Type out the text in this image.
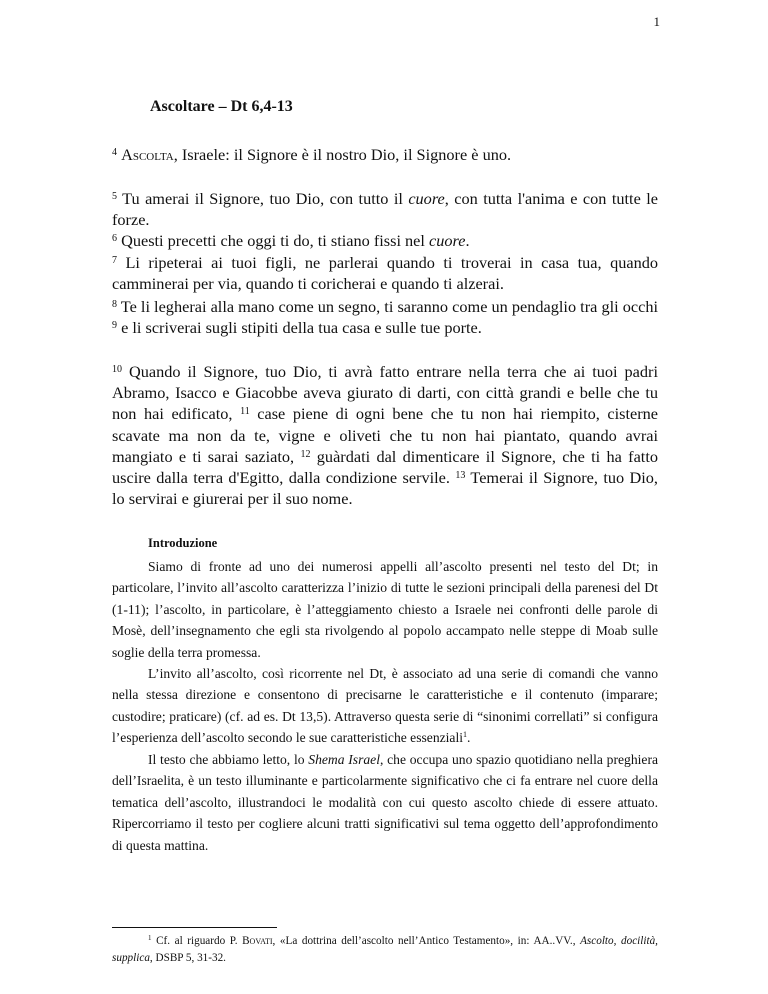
1
Ascoltare – Dt 6,4-13

$^4$ Ascolta, Israele: il Signore è il nostro Dio, il Signore è uno.

$^5$ Tu amerai il Signore, tuo Dio, con tutto il cuore, con tutta l'anima e con tutte le forze.
$^6$ Questi precetti che oggi ti do, ti stiano fissi nel cuore.
$^7$ Li ripeterai ai tuoi figli, ne parlerai quando ti troverai in casa tua, quando camminerai per via, quando ti coricherai e quando ti alzerai.

$^8$ Te li legherai alla mano come un segno, ti saranno come un pendaglio tra gli occhi $^9$ e li scriverai sugli stipiti della tua casa e sulle tue porte.

$^{10}$ Quando il Signore, tuo Dio, ti avrà fatto entrare nella terra che ai tuoi padri Abramo, Isacco e Giacobbe aveva giurato di darti, con città grandi e belle che tu non hai edificato, $^{11}$ case piene di ogni bene che tu non hai riempito, cisterne scavate ma non da te, vigne e oliveti che tu non hai piantato, quando avrai mangiato e ti sarai saziato, $^{12}$ guàrdati dal dimenticare il Signore, che ti ha fatto uscire dalla terra d'Egitto, dalla condizione servile. $^{13}$ Temerai il Signore, tuo Dio, lo servirai e giurerai per il suo nome.

Introduzione

Siamo di fronte ad uno dei numerosi appelli all’ascolto presenti nel testo del Dt; in particolare, l’invito all’ascolto caratterizza l’inizio di tutte le sezioni principali della parenesi del Dt (1-11); l’ascolto, in particolare, è l’atteggiamento chiesto a Israele nei confronti delle parole di Mosè, dell’insegnamento che egli sta rivolgendo al popolo accampato nelle steppe di Moab sulle soglie della terra promessa.

L’invito all’ascolto, così ricorrente nel Dt, è associato ad una serie di comandi che vanno nella stessa direzione e consentono di precisarne le caratteristiche e il contenuto (imparare; custodire; praticare) (cf. ad es. Dt 13,5). Attraverso questa serie di “sinonimi correllati” si configura l’esperienza dell’ascolto secondo le sue caratteristiche essenziali$^1$.

Il testo che abbiamo letto, lo Shema Israel, che occupa uno spazio quotidiano nella preghiera dell’Israelita, è un testo illuminante e particolarmente significativo che ci fa entrare nel cuore della tematica dell’ascolto, illustrandoci le modalità con cui questo ascolto chiede di essere attuato. Ripercorriamo il testo per cogliere alcuni tratti significativi sul tema oggetto dell’approfondimento di questa mattina.

$^1$ Cf. al riguardo P. Bovati, «La dottrina dell’ascolto nell’Antico Testamento», in: AA..VV., Ascolto, docilità, supplica, DSBP 5, 31-32.
